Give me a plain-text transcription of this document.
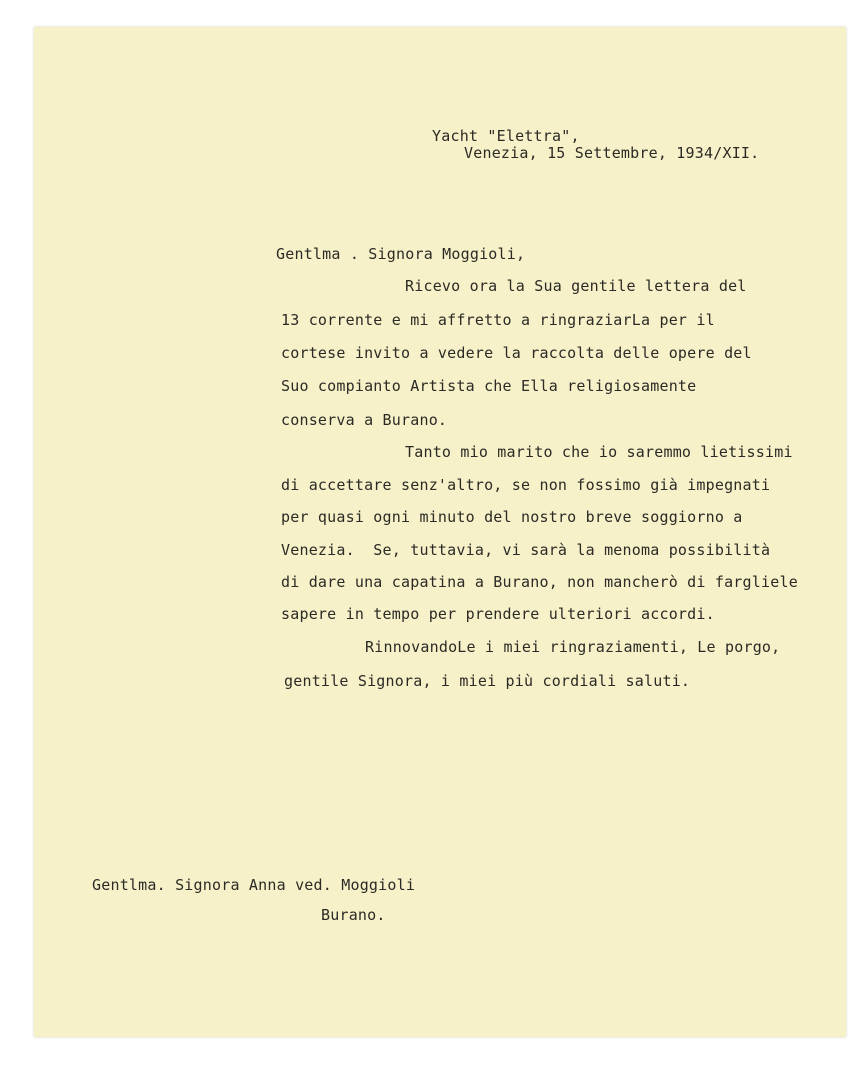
Yacht "Elettra",
Venezia, 15 Settembre, 1934/XII.
Gentlma . Signora Moggioli,
Ricevo ora la Sua gentile lettera del
13 corrente e mi affretto a ringraziarLa per il
cortese invito a vedere la raccolta delle opere del
Suo compianto Artista che Ella religiosamente
conserva a Burano.
Tanto mio marito che io saremmo lietissimi
di accettare senz'altro, se non fossimo già impegnati
per quasi ogni minuto del nostro breve soggiorno a
Venezia.  Se, tuttavia, vi sarà la menoma possibilità
di dare una capatina a Burano, non mancherò di fargliele
sapere in tempo per prendere ulteriori accordi.
RinnovandoLe i miei ringraziamenti, Le porgo,
gentile Signora, i miei più cordiali saluti.
Gentlma. Signora Anna ved. Moggioli
Burano.
